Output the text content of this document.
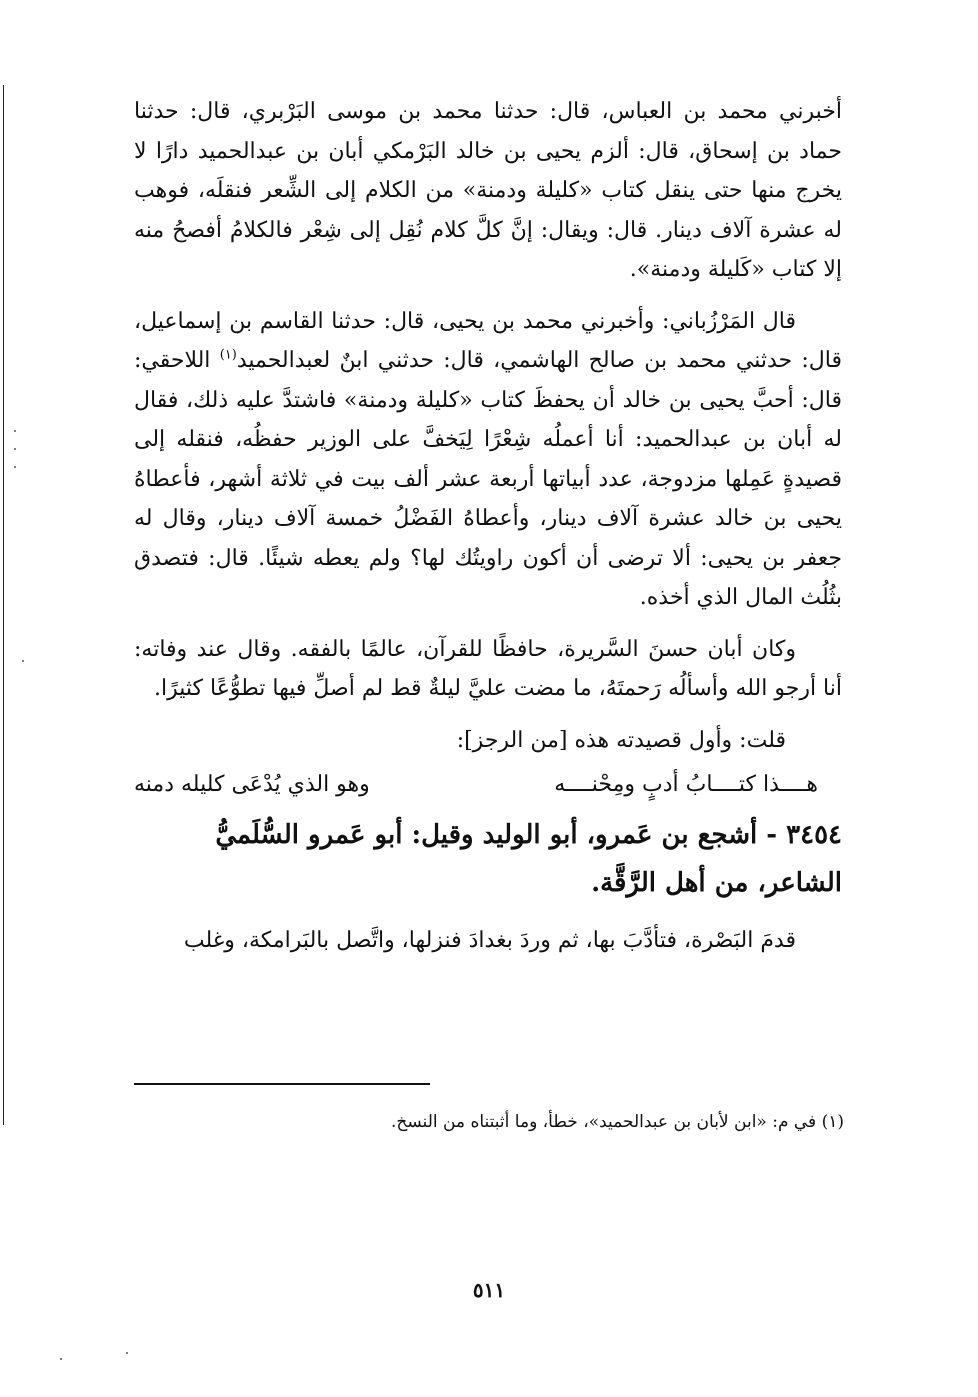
أخبرني محمد بن العباس، قال: حدثنا محمد بن موسى البَرْبري، قال: حدثنا حماد بن إسحاق، قال: ألزم يحيى بن خالد البَرْمكي أبان بن عبدالحميد دارًا لا يخرج منها حتى ينقل كتاب «كليلة ودمنة» من الكلام إلى الشِّعر فنقلَه، فوهب له عشرة آلاف دينار. قال: ويقال: إنَّ كلَّ كلام نُقِل إلى شِعْر فالكلامُ أفصحُ منه إلا كتاب «كَليلة ودمنة».

قال المَرْزُباني: وأخبرني محمد بن يحيى، قال: حدثنا القاسم بن إسماعيل، قال: حدثني محمد بن صالح الهاشمي، قال: حدثني ابنٌ لعبدالحميد$^{(١)}$ اللاحقي: قال: أحبَّ يحيى بن خالد أن يحفظَ كتاب «كليلة ودمنة» فاشتدَّ عليه ذلك، فقال له أبان بن عبدالحميد: أنا أعملُه شِعْرًا لِيَخفَّ على الوزير حفظُه، فنقله إلى قصيدةٍ عَمِلها مزدوجة، عدد أبياتها أربعة عشر ألف بيت في ثلاثة أشهر، فأعطاهُ يحيى بن خالد عشرة آلاف دينار، وأعطاهُ الفَضْلُ خمسة آلاف دينار، وقال له جعفر بن يحيى: ألا ترضى أن أكون راويتُك لها؟ ولم يعطه شيئًا. قال: فتصدق بثُلُث المال الذي أخذه.

وكان أبان حسنَ السَّريرة، حافظًا للقرآن، عالمًا بالفقه. وقال عند وفاته: أنا أرجو الله وأسألُه رَحمتَهُ، ما مضت عليَّ ليلةٌ قط لم أصلِّ فيها تطوُّعًا كثيرًا.

قلت: وأول قصيدته هذه [من الرجز]:
هــــذا كتــــابُ أدبٍ ومِحْنــــه
وهو الذي يُدْعَى كليله دمنه
٣٤٥٤ - أشجع بن عَمرو، أبو الوليد وقيل: أبو عَمرو السُّلَميُّ الشاعر، من أهل الرَّقَّة.

قدمَ البَصْرة، فتأدَّبَ بها، ثم وردَ بغدادَ فنزلها، واتَّصل بالبَرامكة، وغلب

(١) في م: «ابن لأبان بن عبدالحميد»، خطأ، وما أثبتناه من النسخ.
٥١١
